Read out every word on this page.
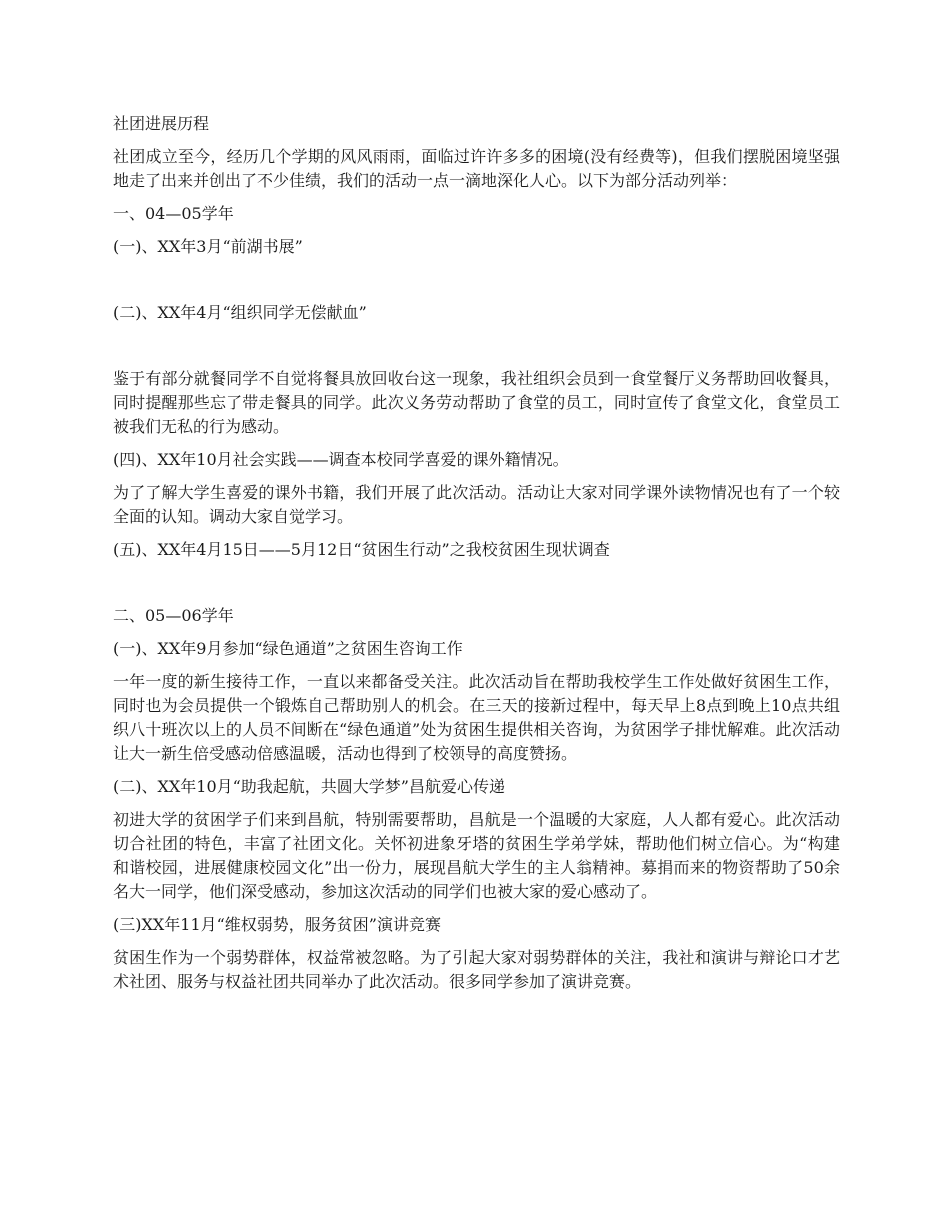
社团进展历程

社团成立至今，经历几个学期的风风雨雨，面临过许许多多的困境(没有经费等)，但我们摆脱困境坚强地走了出来并创出了不少佳绩，我们的活动一点一滴地深化人心。以下为部分活动列举：

一、04—05学年

(一)、XX年3月“前湖书展”

(二)、XX年4月“组织同学无偿献血”

鉴于有部分就餐同学不自觉将餐具放回收台这一现象，我社组织会员到一食堂餐厅义务帮助回收餐具，同时提醒那些忘了带走餐具的同学。此次义务劳动帮助了食堂的员工，同时宣传了食堂文化，食堂员工被我们无私的行为感动。

(四)、XX年10月社会实践——调查本校同学喜爱的课外籍情况。

为了了解大学生喜爱的课外书籍，我们开展了此次活动。活动让大家对同学课外读物情况也有了一个较全面的认知。调动大家自觉学习。

(五)、XX年4月15日——5月12日“贫困生行动”之我校贫困生现状调查

二、05—06学年

(一)、XX年9月参加“绿色通道”之贫困生咨询工作

一年一度的新生接待工作，一直以来都备受关注。此次活动旨在帮助我校学生工作处做好贫困生工作，同时也为会员提供一个锻炼自己帮助别人的机会。在三天的接新过程中，每天早上8点到晚上10点共组织八十班次以上的人员不间断在“绿色通道”处为贫困生提供相关咨询，为贫困学子排忧解难。此次活动让大一新生倍受感动倍感温暖，活动也得到了校领导的高度赞扬。

(二)、XX年10月“助我起航，共圆大学梦”昌航爱心传递

初进大学的贫困学子们来到昌航，特别需要帮助，昌航是一个温暖的大家庭，人人都有爱心。此次活动切合社团的特色，丰富了社团文化。关怀初进象牙塔的贫困生学弟学妹，帮助他们树立信心。为“构建和谐校园，进展健康校园文化”出一份力，展现昌航大学生的主人翁精神。募捐而来的物资帮助了50余名大一同学，他们深受感动，参加这次活动的同学们也被大家的爱心感动了。

(三)XX年11月“维权弱势，服务贫困”演讲竞赛

贫困生作为一个弱势群体，权益常被忽略。为了引起大家对弱势群体的关注，我社和演讲与辩论口才艺术社团、服务与权益社团共同举办了此次活动。很多同学参加了演讲竞赛。
